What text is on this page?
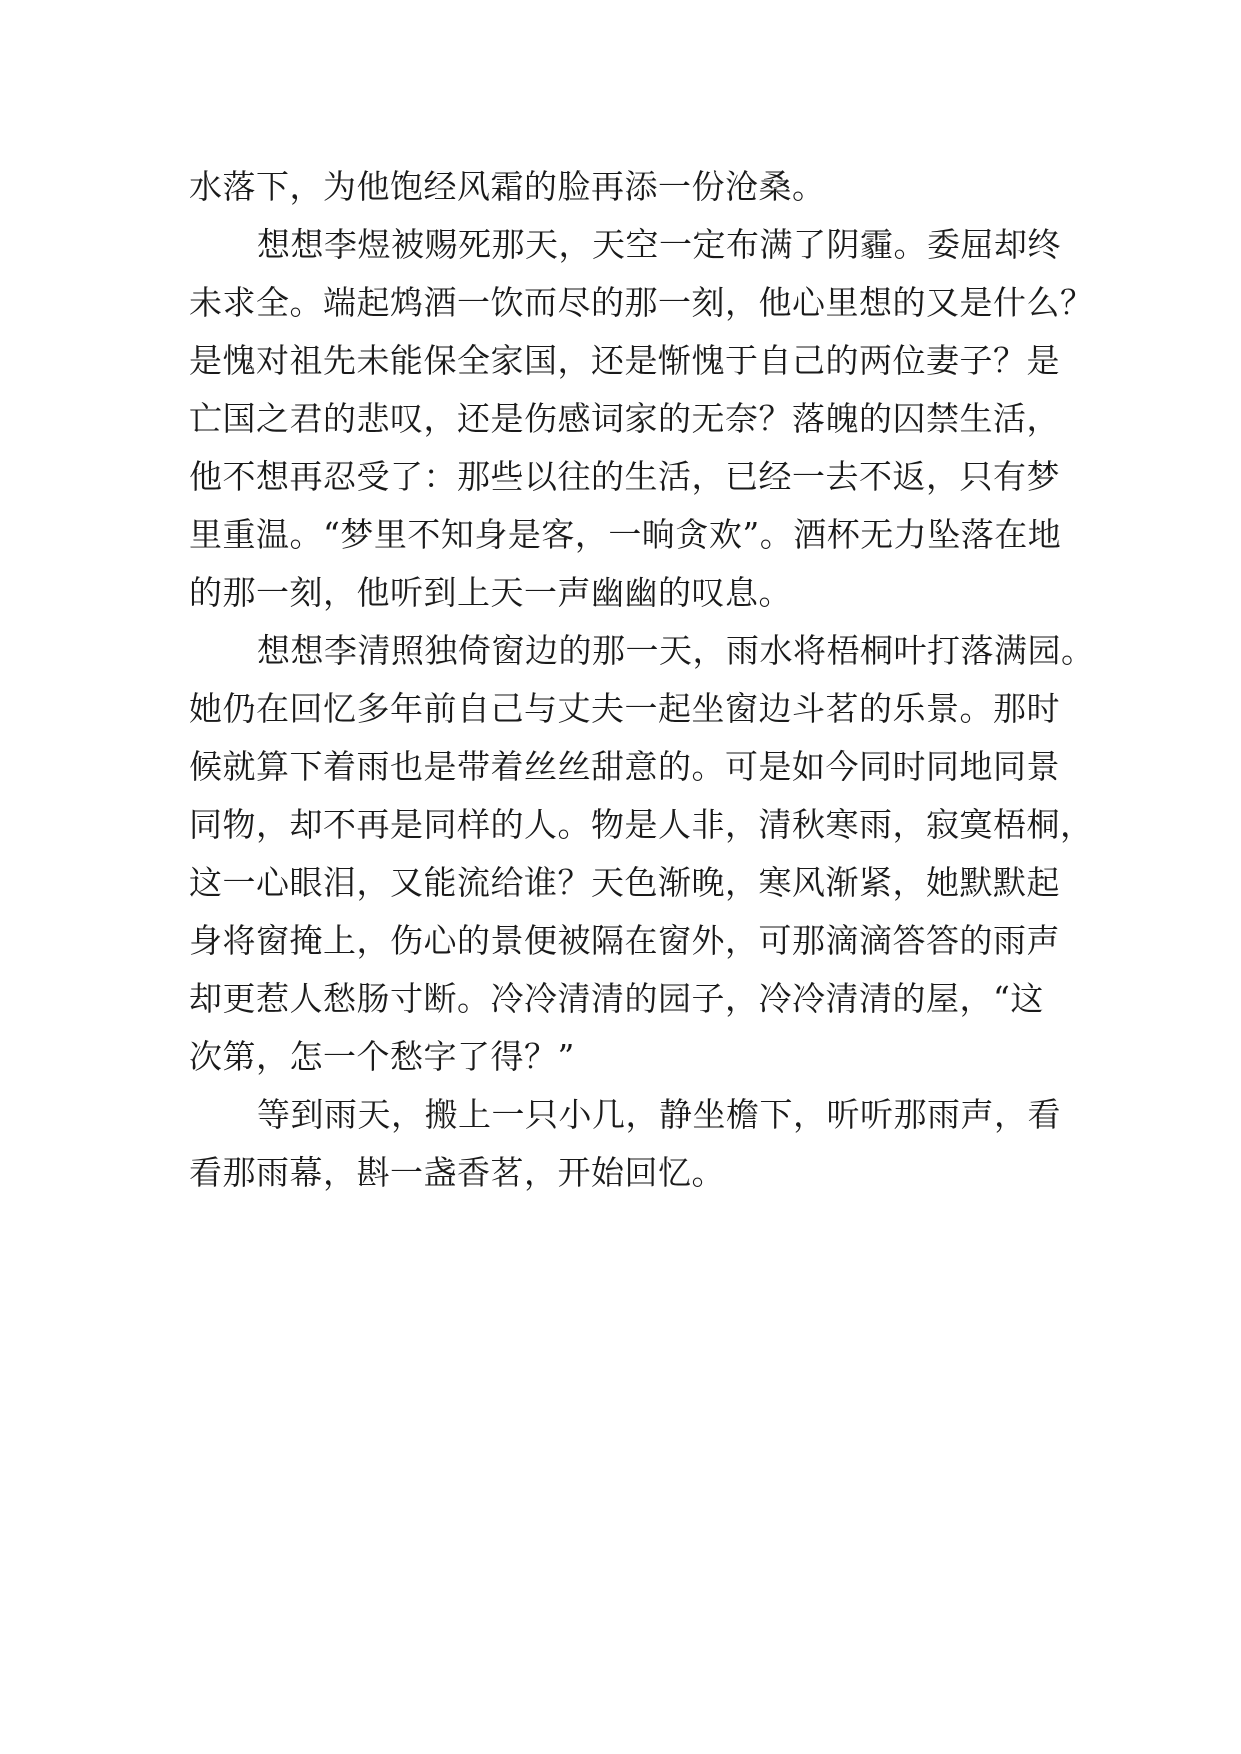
水落下，为他饱经风霜的脸再添一份沧桑。
想想李煜被赐死那天，天空一定布满了阴霾。委屈却终
未求全。端起鸩酒一饮而尽的那一刻，他心里想的又是什么？
是愧对祖先未能保全家国，还是惭愧于自己的两位妻子？是
亡国之君的悲叹，还是伤感词家的无奈？落魄的囚禁生活，
他不想再忍受了：那些以往的生活，已经一去不返，只有梦
里重温。“梦里不知身是客，一晌贪欢”。酒杯无力坠落在地
的那一刻，他听到上天一声幽幽的叹息。
想想李清照独倚窗边的那一天，雨水将梧桐叶打落满园。
她仍在回忆多年前自己与丈夫一起坐窗边斗茗的乐景。那时
候就算下着雨也是带着丝丝甜意的。可是如今同时同地同景
同物，却不再是同样的人。物是人非，清秋寒雨，寂寞梧桐，
这一心眼泪，又能流给谁？天色渐晚，寒风渐紧，她默默起
身将窗掩上，伤心的景便被隔在窗外，可那滴滴答答的雨声
却更惹人愁肠寸断。冷冷清清的园子，冷冷清清的屋，“这
次第，怎一个愁字了得？”
等到雨天，搬上一只小几，静坐檐下，听听那雨声，看
看那雨幕，斟一盏香茗，开始回忆。
